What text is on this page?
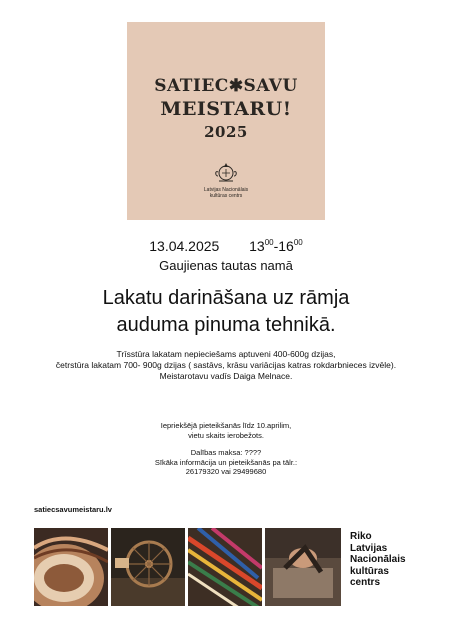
SATIEC✱SAVU
MEISTARU!
2025
Latvijas Nacionālais
kultūras centrs
13.04.2025 $13^{00}-16^{00}$
Gaujienas tautas namā
Lakatu darināšana uz rāmja
auduma pinuma tehnikā.
Trīsstūra lakatam nepieciešams aptuveni 400-600g dzijas,
četrstūra lakatam 700- 900g dzijas ( sastāvs, krāsu variācijas katras rokdarbnieces izvēle).
Meistarotavu vadīs Daiga Melnace.
Iepriekšējā pieteikšanās līdz 10.aprilim,
vietu skaits ierobežots.
Dalības maksa: ????
Sīkāka informācija un pieteikšanās pa tālr.:
26179320 vai 29499680
satiecsavumeistaru.lv
Riko
Latvijas
Nacionālais
kultūras
centrs
